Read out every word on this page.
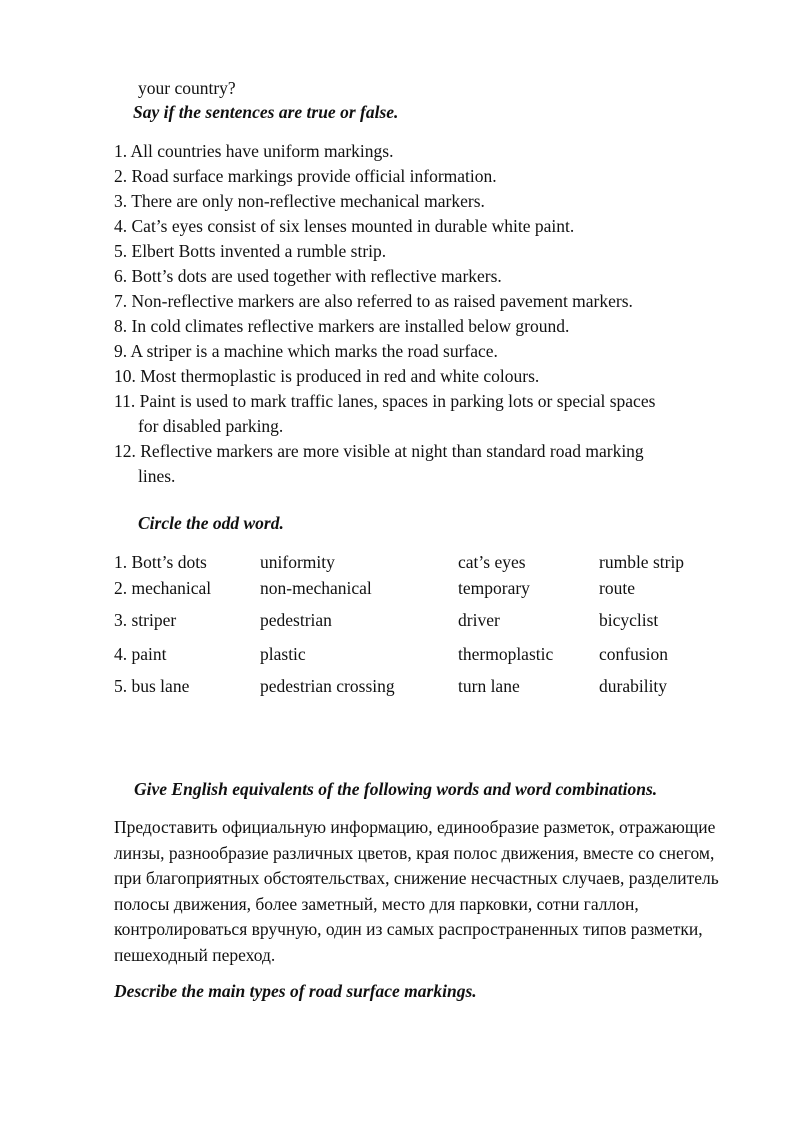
your country?
Say if the sentences are true or false.
1. All countries have uniform markings.
2. Road surface markings provide official information.
3. There are only non-reflective mechanical markers.
4. Cat’s eyes consist of six lenses mounted in durable white paint.
5. Elbert Botts invented a rumble strip.
6. Bott’s dots are used together with reflective markers.
7. Non-reflective markers are also referred to as raised pavement markers.
8. In cold climates reflective markers are installed below ground.
9. A striper is a machine which marks the road surface.
10. Most thermoplastic is produced in red and white colours.
11. Paint is used to mark traffic lanes, spaces in parking lots or special spaces
for disabled parking.
12. Reflective markers are more visible at night than standard road marking
lines.
Circle the odd word.
1. Bott’s dots	uniformity	cat’s eyes	rumble strip
2. mechanical	non-mechanical	temporary	route
3. striper	pedestrian	driver	bicyclist
4. paint	plastic	thermoplastic	confusion
5. bus lane	pedestrian crossing	turn lane	durability
Give English equivalents of the following words and word combinations.

Предоставить официальную информацию, единообразие разметок, отражающие линзы, разнообразие различных цветов, края полос движения, вместе со снегом, при благоприятных обстоятельствах, снижение несчастных случаев, разделитель полосы движения, более заметный, место для парковки, сотни галлон, контролироваться вручную, один из самых распространенных типов разметки, пешеходный переход.

Describe the main types of road surface markings.
